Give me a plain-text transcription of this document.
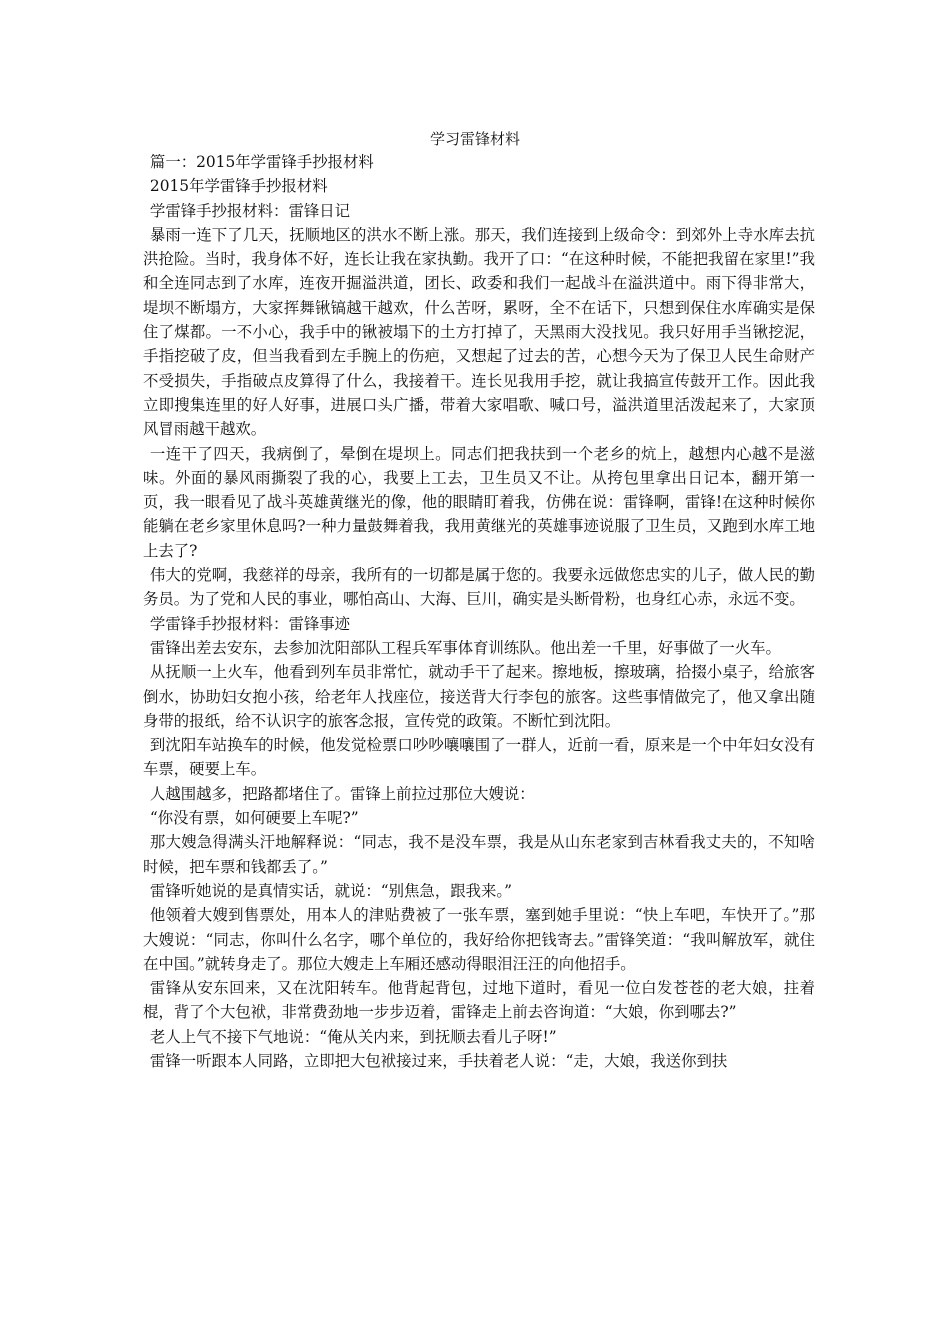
学习雷锋材料

篇一：2015年学雷锋手抄报材料

2015年学雷锋手抄报材料

学雷锋手抄报材料：雷锋日记

暴雨一连下了几天，抚顺地区的洪水不断上涨。那天，我们连接到上级命令：到郊外上寺水库去抗洪抢险。当时，我身体不好，连长让我在家执勤。我开了口：“在这种时候，不能把我留在家里!”我和全连同志到了水库，连夜开掘溢洪道，团长、政委和我们一起战斗在溢洪道中。雨下得非常大，堤坝不断塌方，大家挥舞锹镐越干越欢，什么苦呀，累呀，全不在话下，只想到保住水库确实是保住了煤都。一不小心，我手中的锹被塌下的土方打掉了，天黑雨大没找见。我只好用手当锹挖泥，手指挖破了皮，但当我看到左手腕上的伤疤，又想起了过去的苦，心想今天为了保卫人民生命财产不受损失，手指破点皮算得了什么，我接着干。连长见我用手挖，就让我搞宣传鼓开工作。因此我立即搜集连里的好人好事，进展口头广播，带着大家唱歌、喊口号，溢洪道里活泼起来了，大家顶风冒雨越干越欢。

一连干了四天，我病倒了，晕倒在堤坝上。同志们把我扶到一个老乡的炕上，越想内心越不是滋味。外面的暴风雨撕裂了我的心，我要上工去，卫生员又不让。从挎包里拿出日记本，翻开第一页，我一眼看见了战斗英雄黄继光的像，他的眼睛盯着我，仿佛在说：雷锋啊，雷锋!在这种时候你 能躺在老乡家里休息吗?一种力量鼓舞着我，我用黄继光的英雄事迹说服了卫生员，又跑到水库工地上去了?

伟大的党啊，我慈祥的母亲，我所有的一切都是属于您的。我要永远做您忠实的儿子，做人民的勤务员。为了党和人民的事业，哪怕高山、大海、巨川，确实是头断骨粉，也身红心赤，永远不变。

学雷锋手抄报材料：雷锋事迹

雷锋出差去安东，去参加沈阳部队工程兵军事体育训练队。他出差一千里，好事做了一火车。

从抚顺一上火车，他看到列车员非常忙，就动手干了起来。擦地板，擦玻璃，拾掇小桌子，给旅客倒水，协助妇女抱小孩，给老年人找座位，接送背大行李包的旅客。这些事情做完了，他又拿出随身带的报纸，给不认识字的旅客念报，宣传党的政策。不断忙到沈阳。

到沈阳车站换车的时候，他发觉检票口吵吵嚷嚷围了一群人，近前一看，原来是一个中年妇女没有车票，硬要上车。

人越围越多，把路都堵住了。雷锋上前拉过那位大嫂说：

“你没有票，如何硬要上车呢?”

那大嫂急得满头汗地解释说：“同志，我不是没车票，我是从山东老家到吉林看我丈夫的，不知啥时候，把车票和钱都丢了。”

雷锋听她说的是真情实话，就说：“别焦急，跟我来。”

他领着大嫂到售票处，用本人的津贴费被了一张车票，塞到她手里说：“快上车吧，车快开了。”那大嫂说：“同志，你叫什么名字，哪个单位的，我好给你把钱寄去。”雷锋笑道：“我叫解放军，就住在中国。”就转身走了。那位大嫂走上车厢还感动得眼泪汪汪的向他招手。

雷锋从安东回来，又在沈阳转车。他背起背包，过地下道时，看见一位白发苍苍的老大娘，拄着棍，背了个大包袱，非常费劲地一步步迈着，雷锋走上前去咨询道：“大娘，你到哪去?”

老人上气不接下气地说：“俺从关内来，到抚顺去看儿子呀!”

雷锋一听跟本人同路，立即把大包袱接过来，手扶着老人说：“走，大娘，我送你到扶
